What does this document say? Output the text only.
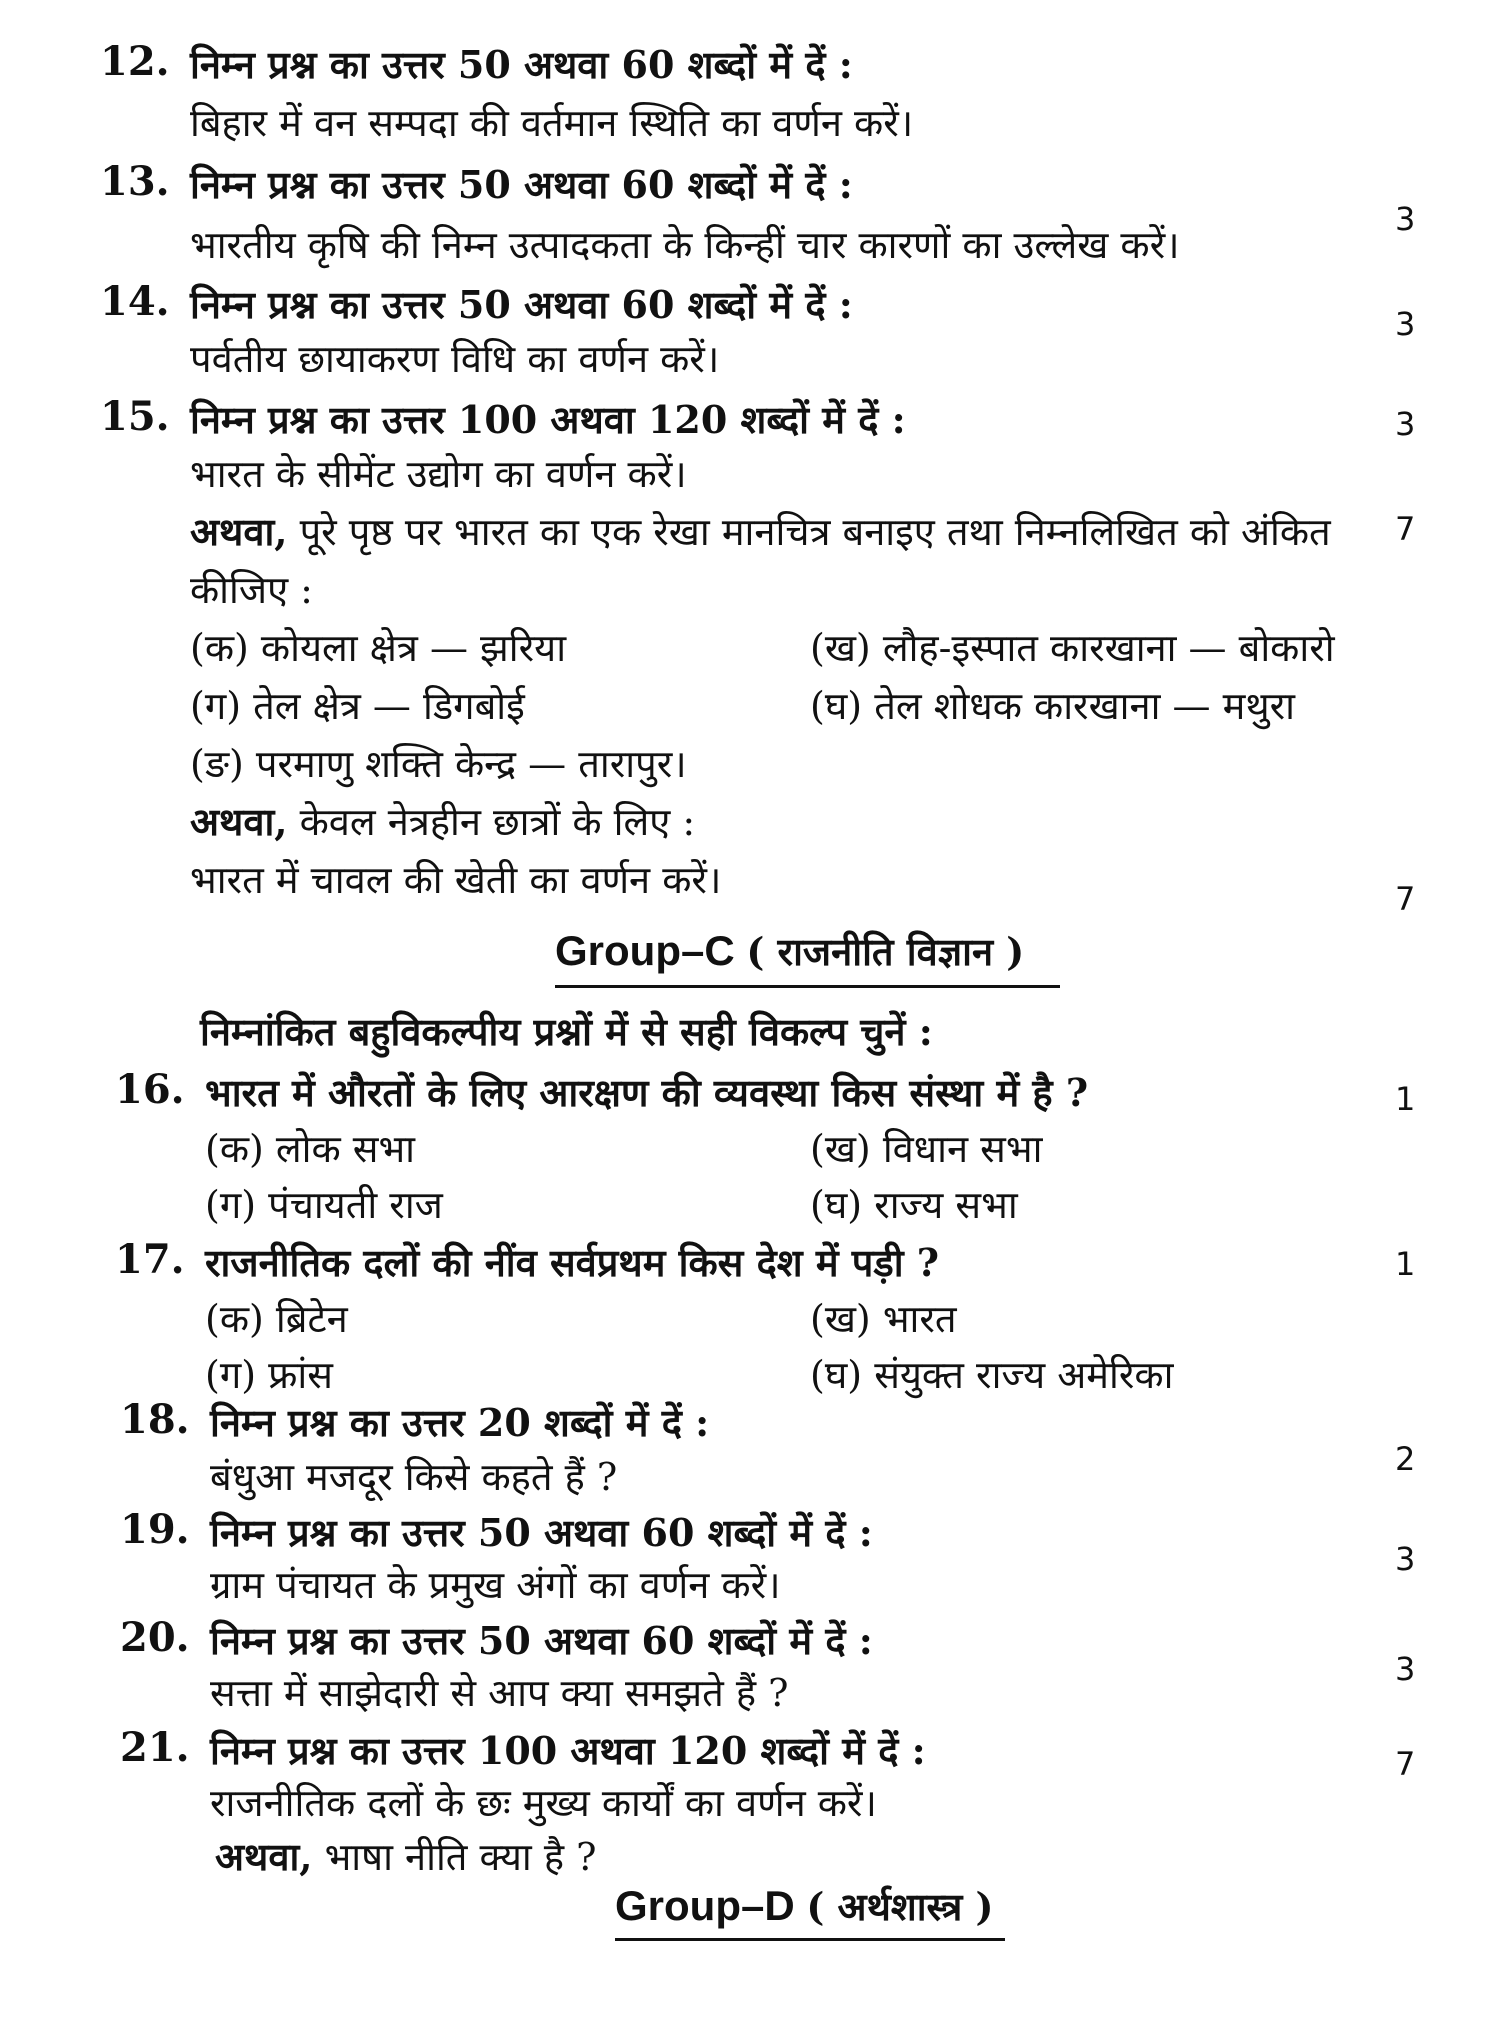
12. निम्न प्रश्न का उत्तर 50 अथवा 60 शब्दों में दें :
बिहार में वन सम्पदा की वर्तमान स्थिति का वर्णन करें।
13. निम्न प्रश्न का उत्तर 50 अथवा 60 शब्दों में दें :
भारतीय कृषि की निम्न उत्पादकता के किन्हीं चार कारणों का उल्लेख करें।
3
14. निम्न प्रश्न का उत्तर 50 अथवा 60 शब्दों में दें :
पर्वतीय छायाकरण विधि का वर्णन करें।
3
15. निम्न प्रश्न का उत्तर 100 अथवा 120 शब्दों में दें :
भारत के सीमेंट उद्योग का वर्णन करें।
अथवा, पूरे पृष्ठ पर भारत का एक रेखा मानचित्र बनाइए तथा निम्नलिखित को अंकित
कीजिए :
(क) कोयला क्षेत्र — झरिया	(ख) लौह-इस्पात कारखाना — बोकारो
(ग) तेल क्षेत्र — डिगबोई	(घ) तेल शोधक कारखाना — मथुरा
(ङ) परमाणु शक्ति केन्द्र — तारापुर।
अथवा, केवल नेत्रहीन छात्रों के लिए :
भारत में चावल की खेती का वर्णन करें।
3
7
7
Group–C ( राजनीति विज्ञान )
निम्नांकित बहुविकल्पीय प्रश्नों में से सही विकल्प चुनें :
16. भारत में औरतों के लिए आरक्षण की व्यवस्था किस संस्था में है ?
(क) लोक सभा	(ख) विधान सभा
(ग) पंचायती राज	(घ) राज्य सभा
1
17. राजनीतिक दलों की नींव सर्वप्रथम किस देश में पड़ी ?
(क) ब्रिटेन	(ख) भारत
(ग) फ्रांस	(घ) संयुक्त राज्य अमेरिका
1
18. निम्न प्रश्न का उत्तर 20 शब्दों में दें :
बंधुआ मजदूर किसे कहते हैं ?	2
19. निम्न प्रश्न का उत्तर 50 अथवा 60 शब्दों में दें :
ग्राम पंचायत के प्रमुख अंगों का वर्णन करें।
3
20. निम्न प्रश्न का उत्तर 50 अथवा 60 शब्दों में दें :
सत्ता में साझेदारी से आप क्या समझते हैं ?
3
21. निम्न प्रश्न का उत्तर 100 अथवा 120 शब्दों में दें :
राजनीतिक दलों के छः मुख्य कार्यों का वर्णन करें।
अथवा, भाषा नीति क्या है ?
7
Group–D ( अर्थशास्त्र )
